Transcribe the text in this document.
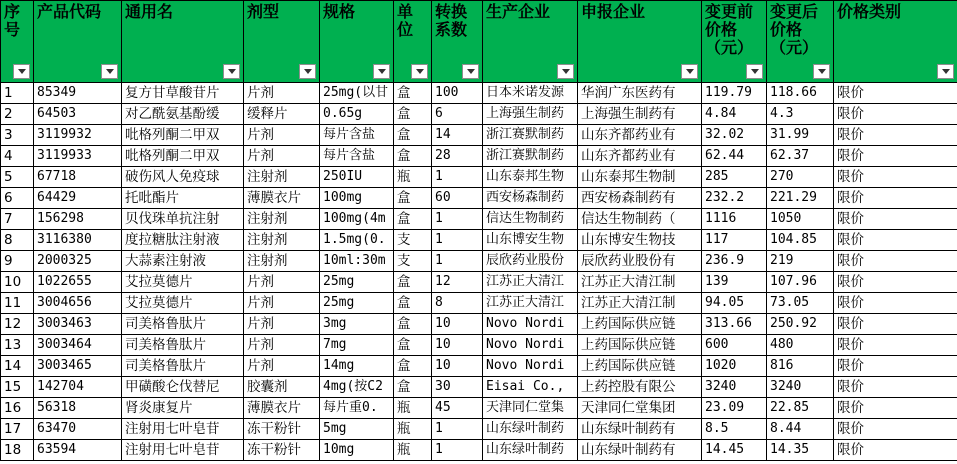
序号	产品代码	通用名	剂型	规格	单位	转换系数	生产企业	申报企业	变更前价格（元）	变更后价格（元）	价格类别

1	85349	复方甘草酸苷片	片剂	25mg(以甘	盒	100	日本米诺发源	华润广东医药有	119.79	118.66	限价
2	64503	对乙酰氨基酚缓	缓释片	0.65g	盒	6	上海强生制药	上海强生制药有	4.84	4.3	限价
3	3119932	吡格列酮二甲双	片剂	每片含盐	盒	14	浙江赛默制药	山东齐都药业有	32.02	31.99	限价
4	3119933	吡格列酮二甲双	片剂	每片含盐	盒	28	浙江赛默制药	山东齐都药业有	62.44	62.37	限价
5	67718	破伤风人免疫球	注射剂	250IU	瓶	1	山东泰邦生物	山东泰邦生物制	285	270	限价
6	64429	托吡酯片	薄膜衣片	100mg	盒	60	西安杨森制药	西安杨森制药有	232.2	221.29	限价
7	156298	贝伐珠单抗注射	注射剂	100mg(4m	盒	1	信达生物制药	信达生物制药（	1116	1050	限价
8	3116380	度拉糖肽注射液	注射剂	1.5mg(0.	支	1	山东博安生物	山东博安生物技	117	104.85	限价
9	2000325	大蒜素注射液	注射剂	10ml:30m	支	1	辰欣药业股份	辰欣药业股份有	236.9	219	限价
10	1022655	艾拉莫德片	片剂	25mg	盒	12	江苏正大清江	江苏正大清江制	139	107.96	限价
11	3004656	艾拉莫德片	片剂	25mg	盒	8	江苏正大清江	江苏正大清江制	94.05	73.05	限价
12	3003463	司美格鲁肽片	片剂	3mg	盒	10	Novo Nordi	上药国际供应链	313.66	250.92	限价
13	3003464	司美格鲁肽片	片剂	7mg	盒	10	Novo Nordi	上药国际供应链	600	480	限价
14	3003465	司美格鲁肽片	片剂	14mg	盒	10	Novo Nordi	上药国际供应链	1020	816	限价
15	142704	甲磺酸仑伐替尼	胶囊剂	4mg(按C2	盒	30	Eisai Co.,	上药控股有限公	3240	3240	限价
16	56318	肾炎康复片	薄膜衣片	每片重0.	瓶	45	天津同仁堂集	天津同仁堂集团	23.09	22.85	限价
17	63470	注射用七叶皂苷	冻干粉针	5mg	瓶	1	山东绿叶制药	山东绿叶制药有	8.5	8.44	限价
18	63594	注射用七叶皂苷	冻干粉针	10mg	瓶	1	山东绿叶制药	山东绿叶制药有	14.45	14.35	限价
